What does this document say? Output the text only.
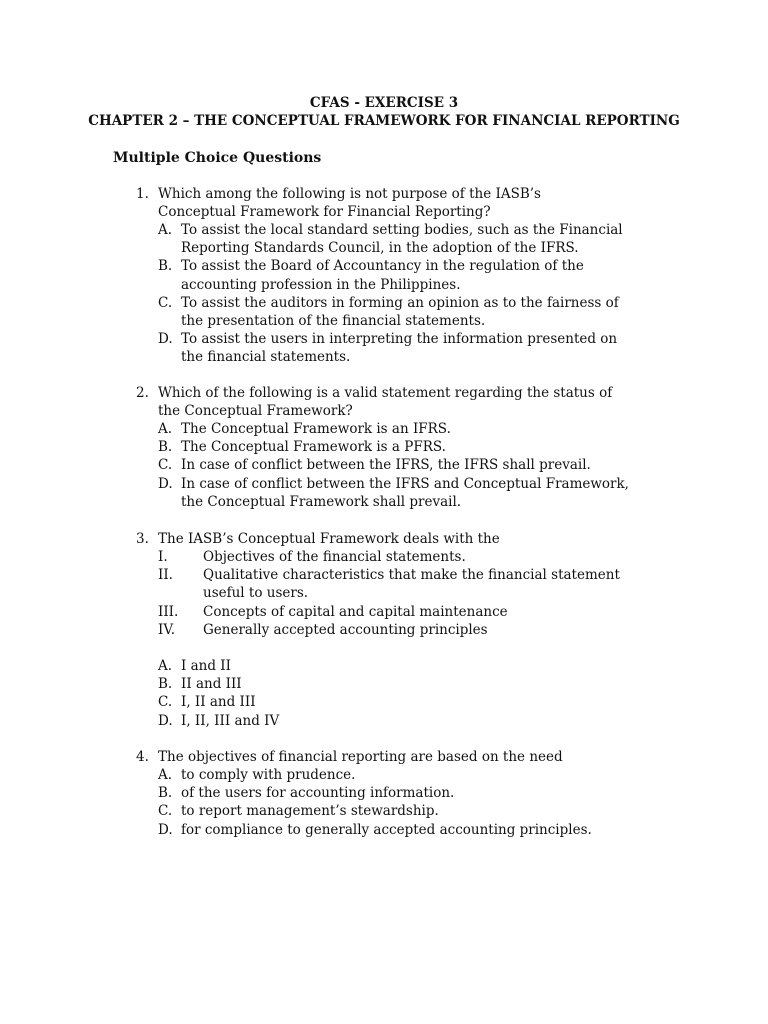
CFAS - EXERCISE 3
CHAPTER 2 – THE CONCEPTUAL FRAMEWORK FOR FINANCIAL REPORTING
Multiple Choice Questions
1. Which among the following is not purpose of the IASB’s Conceptual Framework for Financial Reporting?
A. To assist the local standard setting bodies, such as the Financial Reporting Standards Council, in the adoption of the IFRS.
B. To assist the Board of Accountancy in the regulation of the accounting profession in the Philippines.
C. To assist the auditors in forming an opinion as to the fairness of the presentation of the financial statements.
D. To assist the users in interpreting the information presented on the financial statements.
2. Which of the following is a valid statement regarding the status of the Conceptual Framework?
A. The Conceptual Framework is an IFRS.
B. The Conceptual Framework is a PFRS.
C. In case of conflict between the IFRS, the IFRS shall prevail.
D. In case of conflict between the IFRS and Conceptual Framework, the Conceptual Framework shall prevail.
3. The IASB’s Conceptual Framework deals with the
I.	Objectives of the financial statements.
II. Qualitative characteristics that make the financial statement useful to users.
III. Concepts of capital and capital maintenance
IV. Generally accepted accounting principles
A. I and II
B. II and III
C. I, II and III
D. I, II, III and IV
4. The objectives of financial reporting are based on the need
A. to comply with prudence.
B. of the users for accounting information.
C. to report management’s stewardship.
D. for compliance to generally accepted accounting principles.
